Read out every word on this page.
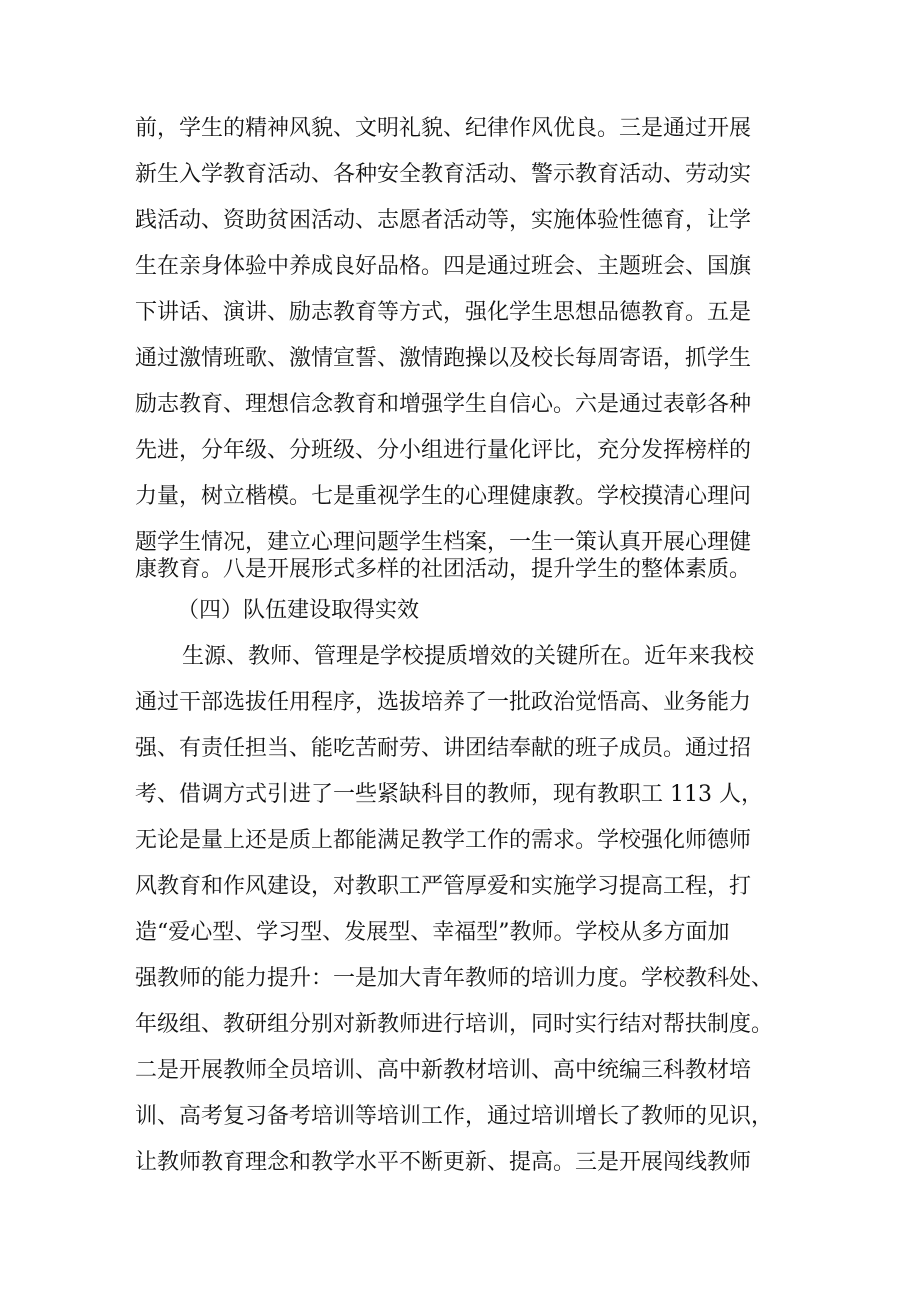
前，学生的精神风貌、文明礼貌、纪律作风优良。三是通过开展

新生入学教育活动、各种安全教育活动、警示教育活动、劳动实

践活动、资助贫困活动、志愿者活动等，实施体验性德育，让学

生在亲身体验中养成良好品格。四是通过班会、主题班会、国旗

下讲话、演讲、励志教育等方式，强化学生思想品德教育。五是

通过激情班歌、激情宣誓、激情跑操以及校长每周寄语，抓学生

励志教育、理想信念教育和增强学生自信心。六是通过表彰各种

先进，分年级、分班级、分小组进行量化评比，充分发挥榜样的

力量，树立楷模。七是重视学生的心理健康教。学校摸清心理问

题学生情况，建立心理问题学生档案，一生一策认真开展心理健

康教育。八是开展形式多样的社团活动，提升学生的整体素质。

（四）队伍建设取得实效

生源、教师、管理是学校提质增效的关键所在。近年来我校

通过干部选拔任用程序，选拔培养了一批政治觉悟高、业务能力

强、有责任担当、能吃苦耐劳、讲团结奉献的班子成员。通过招

考、借调方式引进了一些紧缺科目的教师，现有教职工 113 人，

无论是量上还是质上都能满足教学工作的需求。学校强化师德师

风教育和作风建设，对教职工严管厚爱和实施学习提高工程，打

造“爱心型、学习型、发展型、幸福型”教师。学校从多方面加

强教师的能力提升：一是加大青年教师的培训力度。学校教科处、

年级组、教研组分别对新教师进行培训，同时实行结对帮扶制度。

二是开展教师全员培训、高中新教材培训、高中统编三科教材培

训、高考复习备考培训等培训工作，通过培训增长了教师的见识，

让教师教育理念和教学水平不断更新、提高。三是开展闯线教师
